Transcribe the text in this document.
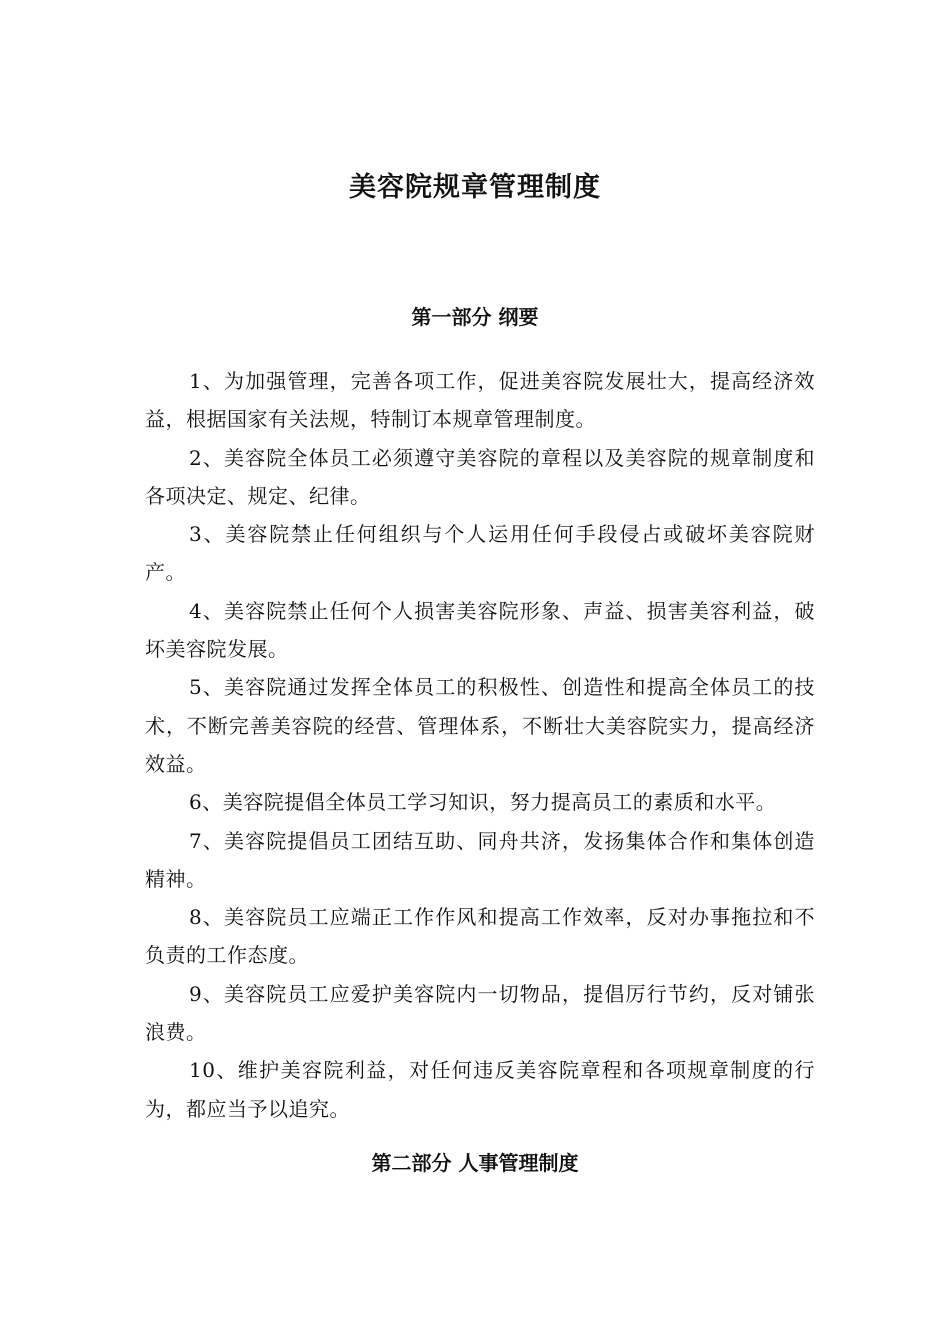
美容院规章管理制度
第一部分 纲要

1、为加强管理，完善各项工作，促进美容院发展壮大，提高经济效益，根据国家有关法规，特制订本规章管理制度。

2、美容院全体员工必须遵守美容院的章程以及美容院的规章制度和各项决定、规定、纪律。

3、美容院禁止任何组织与个人运用任何手段侵占或破坏美容院财产。

4、美容院禁止任何个人损害美容院形象、声益、损害美容利益，破坏美容院发展。

5、美容院通过发挥全体员工的积极性、创造性和提高全体员工的技术，不断完善美容院的经营、管理体系，不断壮大美容院实力，提高经济效益。

6、美容院提倡全体员工学习知识，努力提高员工的素质和水平。

7、美容院提倡员工团结互助、同舟共济，发扬集体合作和集体创造精神。

8、美容院员工应端正工作作风和提高工作效率，反对办事拖拉和不负责的工作态度。

9、美容院员工应爱护美容院内一切物品，提倡厉行节约，反对铺张浪费。

10、维护美容院利益，对任何违反美容院章程和各项规章制度的行为，都应当予以追究。

第二部分 人事管理制度
